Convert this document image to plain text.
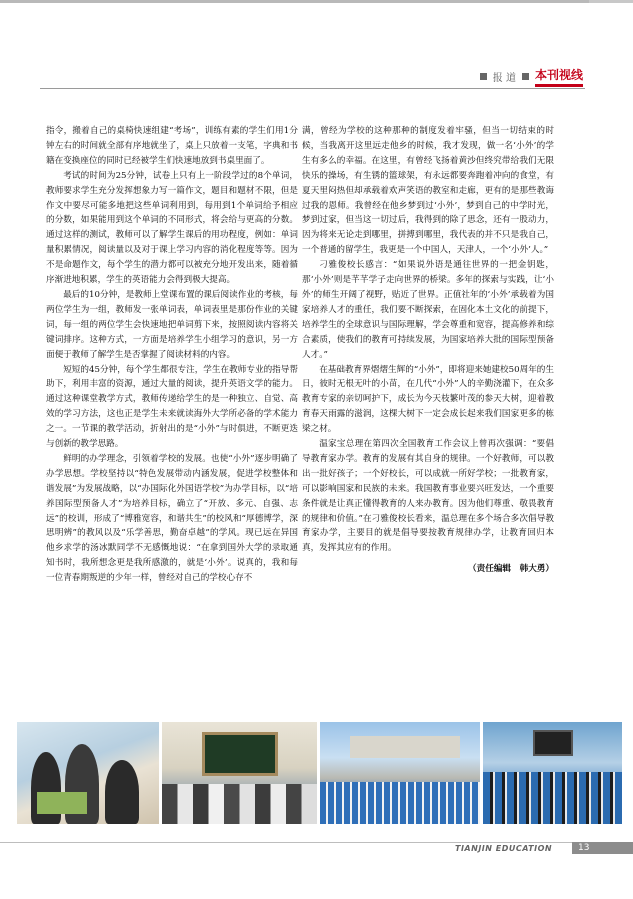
报 道 本刊视线

指令，搬着自己的桌椅快速组建“考场”，训练有素的学生们用1分钟左右的时间就全部有序地就坐了，桌上只放着一支笔，字典和书籍在变换座位的同时已经被学生们快速地放到书桌里面了。

考试的时间为25分钟，试卷上只有上一阶段学过的8个单词，教师要求学生充分发挥想象力写一篇作文，题目和题材不限，但是作文中要尽可能多地把这些单词利用到，每用到1个单词给予相应的分数，如果能用到这个单词的不同形式，将会给与更高的分数。通过这样的测试，教师可以了解学生课后的用功程度，例如：单词量积累情况，阅读量以及对于课上学习内容的消化程度等等。因为不是命题作文，每个学生的潜力都可以被充分地开发出来，随着循序渐进地积累，学生的英语能力会得到极大提高。

最后的10分钟，是教师上堂课布置的课后阅读作业的考核，每两位学生为一组，教师发一张单词表，单词表里是那份作业的关键词，每一组的两位学生会快速地把单词剪下来，按照阅读内容将关键词排序。这种方式，一方面是培养学生小组学习的意识，另一方面便于教师了解学生是否掌握了阅读材料的内容。

短短的45分钟，每个学生都很专注，学生在教师专业的指导帮助下，利用丰富的资源，通过大量的阅读，提升英语文学的能力。通过这种课堂教学方式，教师传递给学生的是一种独立、自觉、高效的学习方法，这也正是学生未来就读海外大学所必备的学术能力之一。一节课的教学活动，折射出的是“小外”与时俱进，不断更迭与创新的教学思路。

鲜明的办学理念，引领着学校的发展。也使“小外”逐步明确了办学思想。学校坚持以“特色发展带动内涵发展，促进学校整体和谐发展”为发展战略，以“办国际化外国语学校”为办学目标，以“培养国际型预备人才”为培养目标，确立了“开放、多元、自强、志远”的校训，形成了“博雅宽容，和谐共生”的校风和“厚德博学，深思明辨”的教风以及“乐学善思，勤奋卓越”的学风。现已远在异国他乡求学的汤冰默同学不无感慨地说：“在拿到国外大学的录取通知书时，我所想念更是我所感激的，就是‘小外’。说真的，我和每一位青春期叛逆的少年一样，曾经对自己的学校心存不

满，曾经为学校的这种那种的制度发着牢骚，但当一切结束的时候，当我离开这里远走他乡的时候，我才发现，做一名‘小外’的学生有多么的幸福。在这里，有曾经飞扬着黄沙但终究带给我们无限快乐的操场，有生锈的篮球架，有永远都要奔跑着冲向的食堂，有夏天里闷热但却承载着欢声笑语的教室和走廊，更有的是那些教诲过我的恩师。我曾经在他乡梦到过‘小外’，梦到自己的中学时光，梦到过家，但当这一切过后，我得到的除了思念，还有一股动力，因为将来无论走到哪里，拼搏到哪里，我代表的并不只是我自己，一个普通的留学生，我更是一个中国人，天津人，一个‘小外’人。”

刁雅俊校长感言：“如果说外语是通往世界的一把金钥匙，那‘小外’则是芊芊学子走向世界的桥梁。多年的探索与实践，让‘小外’的师生开阔了视野，贴近了世界。正值社年的‘小外’承载着为国家培养人才的重任，我们要不断探索，在固化本土文化的前提下，培养学生的全球意识与国际理解，学会尊重和宽容，提高修养和综合素质，使我们的教育可持续发展，为国家培养大批的国际型预备人才。”

在基础教育界熠熠生辉的“小外”，即将迎来她建校50周年的生日，彼时无根无叶的小苗，在几代“小外”人的辛勤浇灌下，在众多教育专家的亲切呵护下，成长为今天枝繁叶茂的参天大树，迎着教育春天雨露的滋润，这棵大树下一定会成长起来我们国家更多的栋梁之材。

温家宝总理在第四次全国教育工作会议上曾再次强调：“要倡导教育家办学。教育的发展有其自身的规律。一个好教师，可以教出一批好孩子；一个好校长，可以成就一所好学校；一批教育家，可以影响国家和民族的未来。我国教育事业要兴旺发达，一个重要条件就是让真正懂得教育的人来办教育。因为他们尊重、敬畏教育的规律和价值。”在刁雅俊校长看来，温总理在多个场合多次倡导教育家办学，主要目的就是倡导要按教育规律办学，让教育回归本真，发挥其应有的作用。

（责任编辑　韩大勇）

TIANJIN EDUCATION	13
